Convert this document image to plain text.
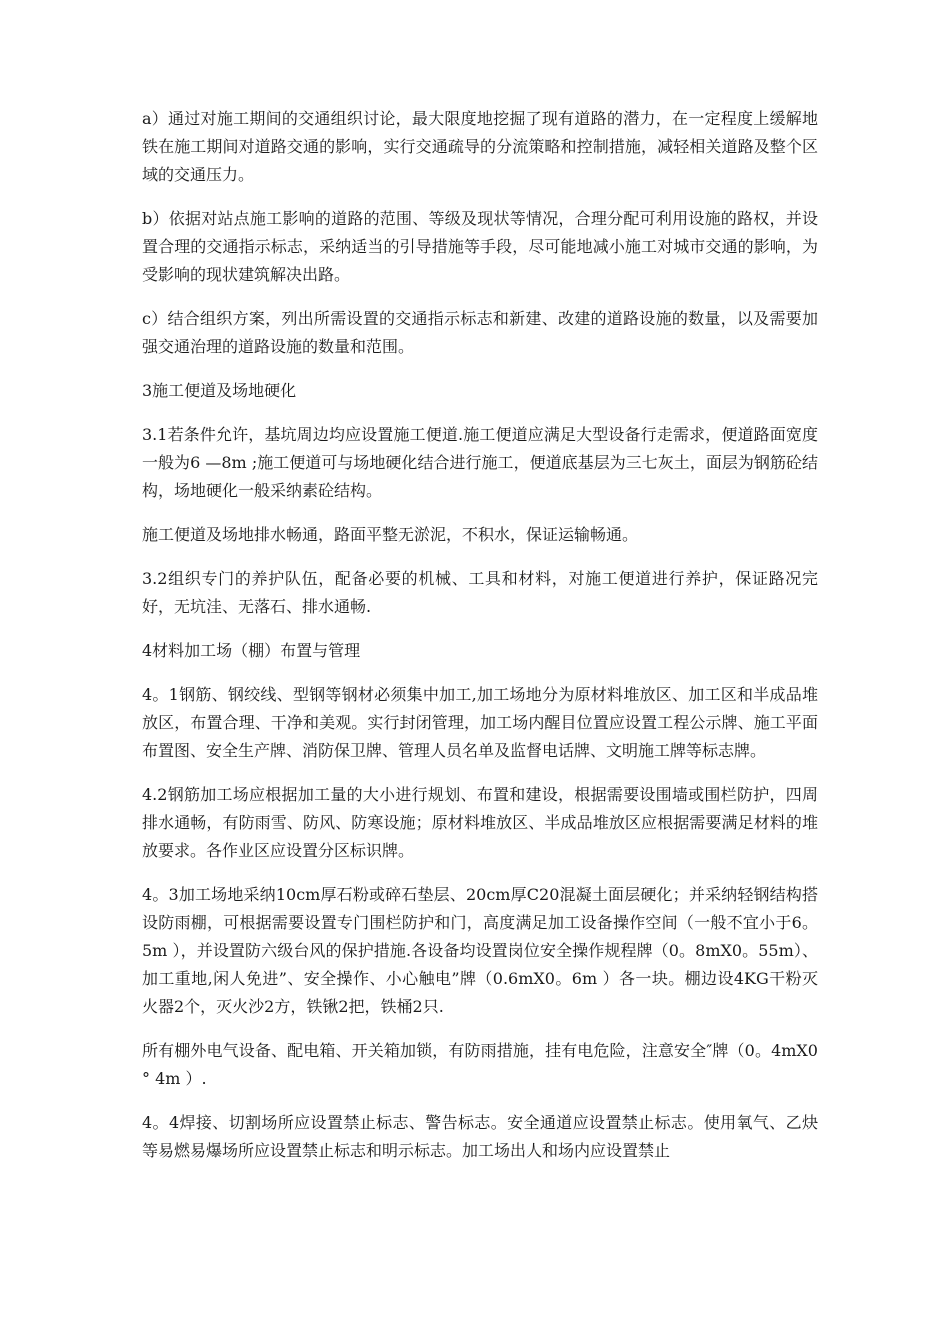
a）通过对施工期间的交通组织讨论，最大限度地挖掘了现有道路的潜力，在一定程度上缓解地铁在施工期间对道路交通的影响，实行交通疏导的分流策略和控制措施，减轻相关道路及整个区域的交通压力。

b）依据对站点施工影响的道路的范围、等级及现状等情况，合理分配可利用设施的路权，并设置合理的交通指示标志，采纳适当的引导措施等手段，尽可能地减小施工对城市交通的影响，为受影响的现状建筑解决出路。

c）结合组织方案，列出所需设置的交通指示标志和新建、改建的道路设施的数量，以及需要加强交通治理的道路设施的数量和范围。

3施工便道及场地硬化

3.1若条件允许，基坑周边均应设置施工便道.施工便道应满足大型设备行走需求，便道路面宽度一般为6 —8m ;施工便道可与场地硬化结合进行施工，便道底基层为三七灰土，面层为钢筋砼结构，场地硬化一般采纳素砼结构。

施工便道及场地排水畅通，路面平整无淤泥，不积水，保证运输畅通。

3.2组织专门的养护队伍，配备必要的机械、工具和材料，对施工便道进行养护，保证路况完好，无坑洼、无落石、排水通畅.

4材料加工场（棚）布置与管理

4。1钢筋、钢绞线、型钢等钢材必须集中加工,加工场地分为原材料堆放区、加工区和半成品堆放区，布置合理、干净和美观。实行封闭管理，加工场内醒目位置应设置工程公示牌、施工平面布置图、安全生产牌、消防保卫牌、管理人员名单及监督电话牌、文明施工牌等标志牌。

4.2钢筋加工场应根据加工量的大小进行规划、布置和建设，根据需要设围墙或围栏防护，四周排水通畅，有防雨雪、防风、防寒设施；原材料堆放区、半成品堆放区应根据需要满足材料的堆放要求。各作业区应设置分区标识牌。

4。3加工场地采纳10cm厚石粉或碎石垫层、20cm厚C20混凝土面层硬化；并采纳轻钢结构搭设防雨棚，可根据需要设置专门围栏防护和门，高度满足加工设备操作空间（一般不宜小于6。5m ），并设置防六级台风的保护措施.各设备均设置岗位安全操作规程牌（0。8mX0。55m）、加工重地,闲人免进”、安全操作、小心触电”牌（0.6mX0。6m ）各一块。棚边设4KG干粉灭火器2个，灭火沙2方，铁锹2把，铁桶2只.

所有棚外电气设备、配电箱、开关箱加锁，有防雨措施，挂有电危险，注意安全″牌（0。4mX0 ° 4m ）.

4。4焊接、切割场所应设置禁止标志、警告标志。安全通道应设置禁止标志。使用氧气、乙炔等易燃易爆场所应设置禁止标志和明示标志。加工场出人和场内应设置禁止
